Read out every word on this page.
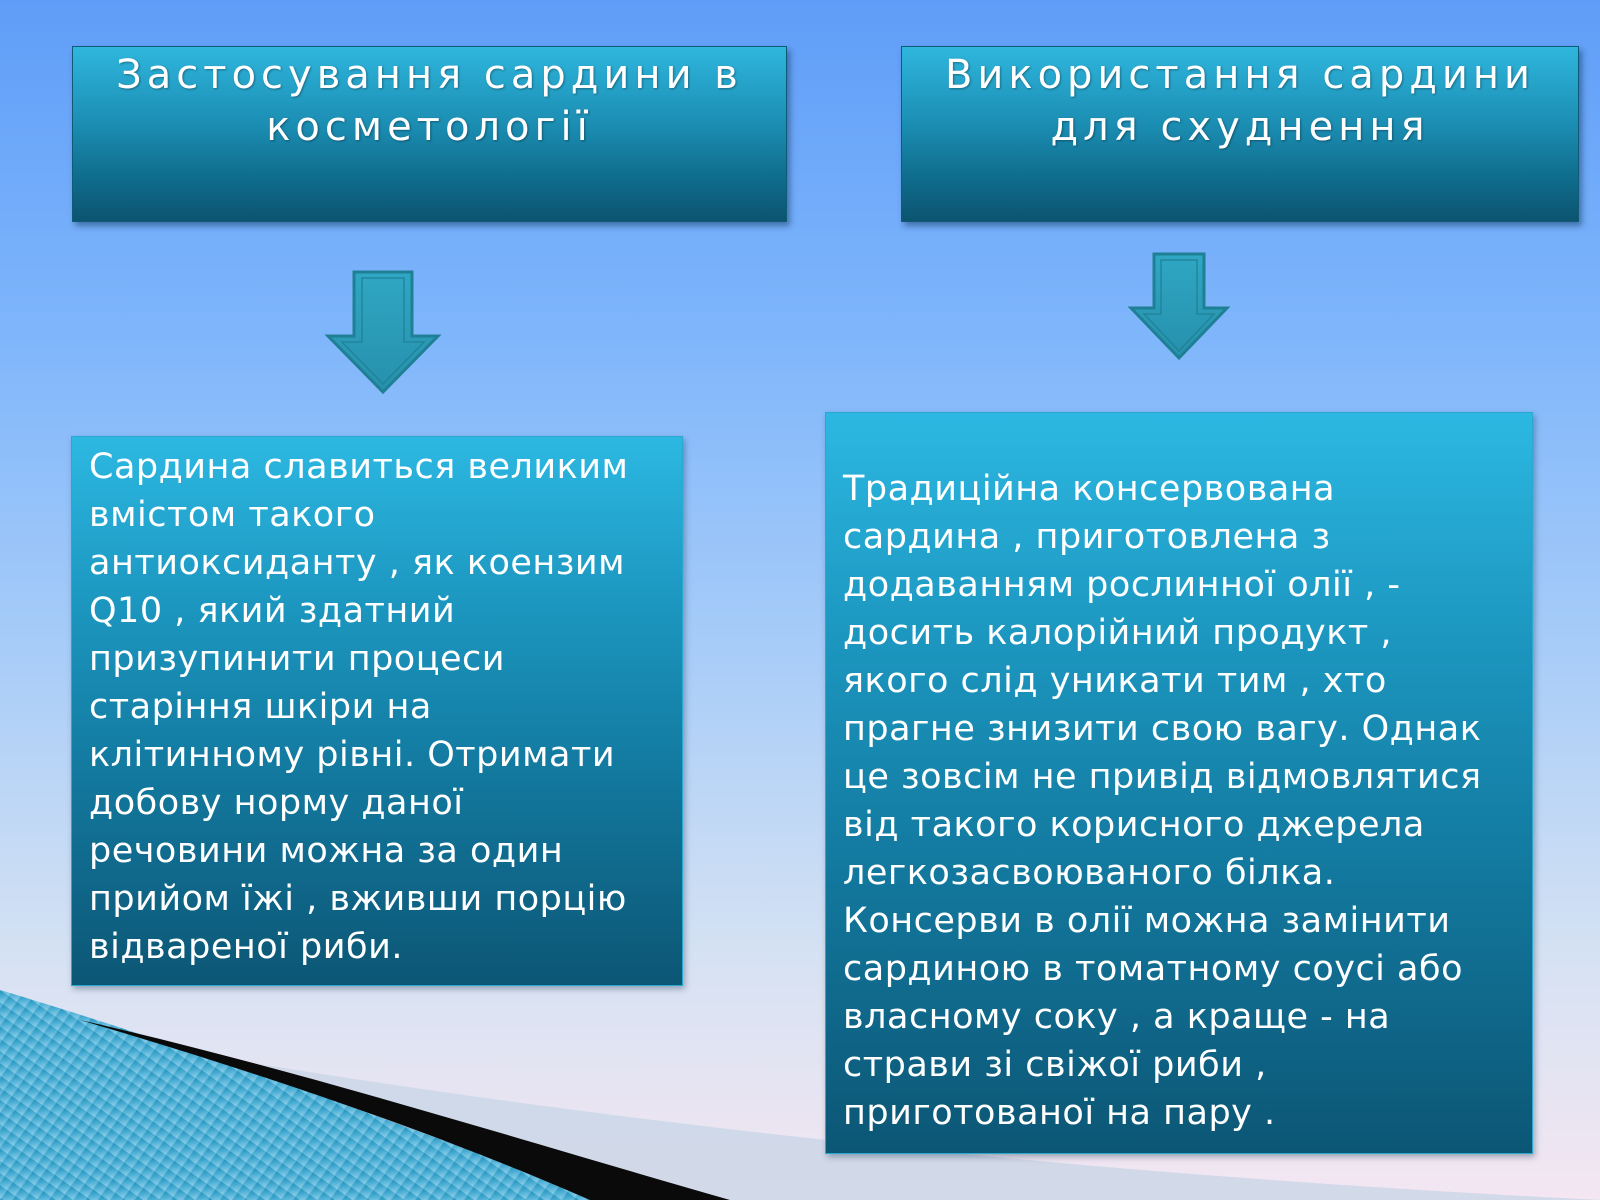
Застосування сардини в
косметології
Використання сардини
для схуднення
Сардина славиться великим
вмістом такого
антиоксиданту , як коензим
Q10 , який здатний
призупинити процеси
старіння шкіри на
клітинному рівні. Отримати
добову норму даної
речовини можна за один
прийом їжі , вживши порцію
відвареної риби.
Традиційна консервована
сардина , приготовлена з
додаванням рослинної олії , -
досить калорійний продукт ,
якого слід уникати тим , хто
прагне знизити свою вагу. Однак
це зовсім не привід відмовлятися
від такого корисного джерела
легкозасвоюваного білка.
Консерви в олії можна замінити
сардиною в томатному соусі або
власному соку , а краще - на
страви зі свіжої риби ,
приготованої на пару .
